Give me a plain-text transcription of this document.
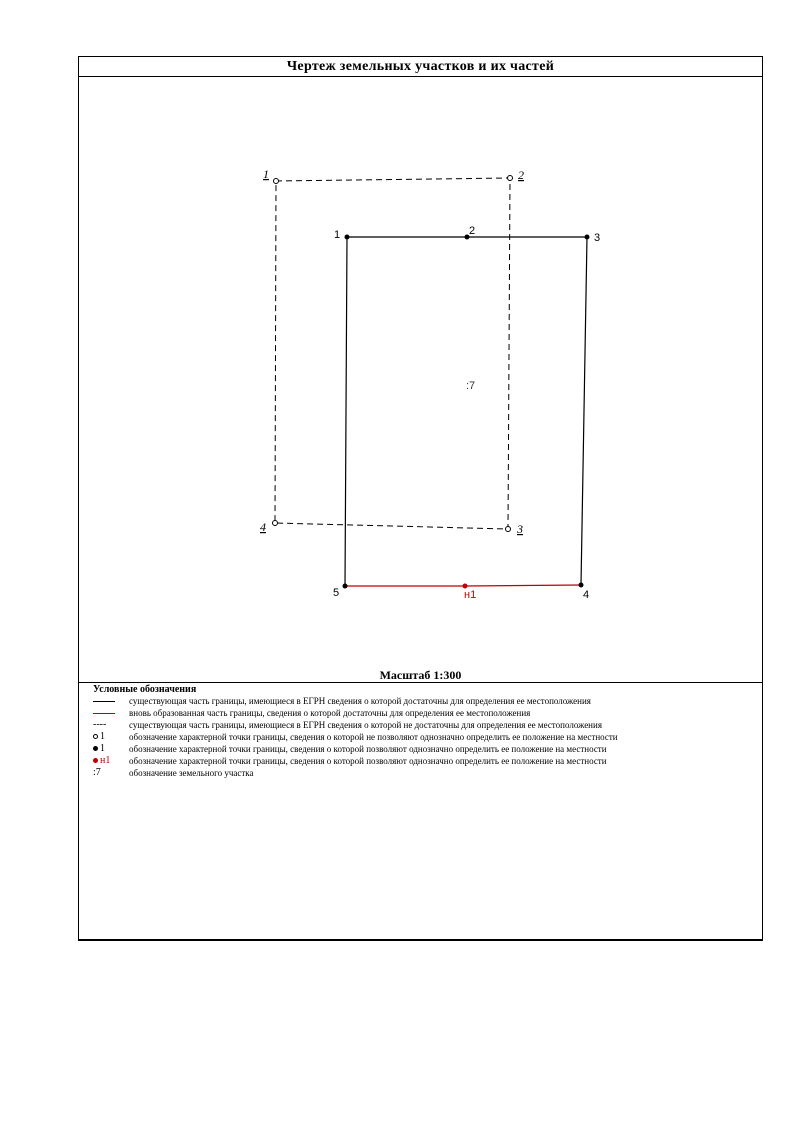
Чертеж земельных участков и их частей
1	2
3
4
1	2
3
4
5	н1
:7
Масштаб 1:300
Условные обозначения
существующая часть границы, имеющиеся в ЕГРН сведения о которой достаточны для определения ее местоположения
вновь образованная часть границы, сведения о которой достаточны для определения ее местоположения
----	существующая часть границы, имеющиеся в ЕГРН сведения о которой не достаточны для определения ее местоположения
1	обозначение характерной точки границы, сведения о которой не позволяют однозначно определить ее положение на местности
1	обозначение характерной точки границы, сведения о которой позволяют однозначно определить ее положение на местности
н1 обозначение характерной точки границы, сведения о которой позволяют однозначно определить ее положение на местности
:7	обозначение земельного участка
